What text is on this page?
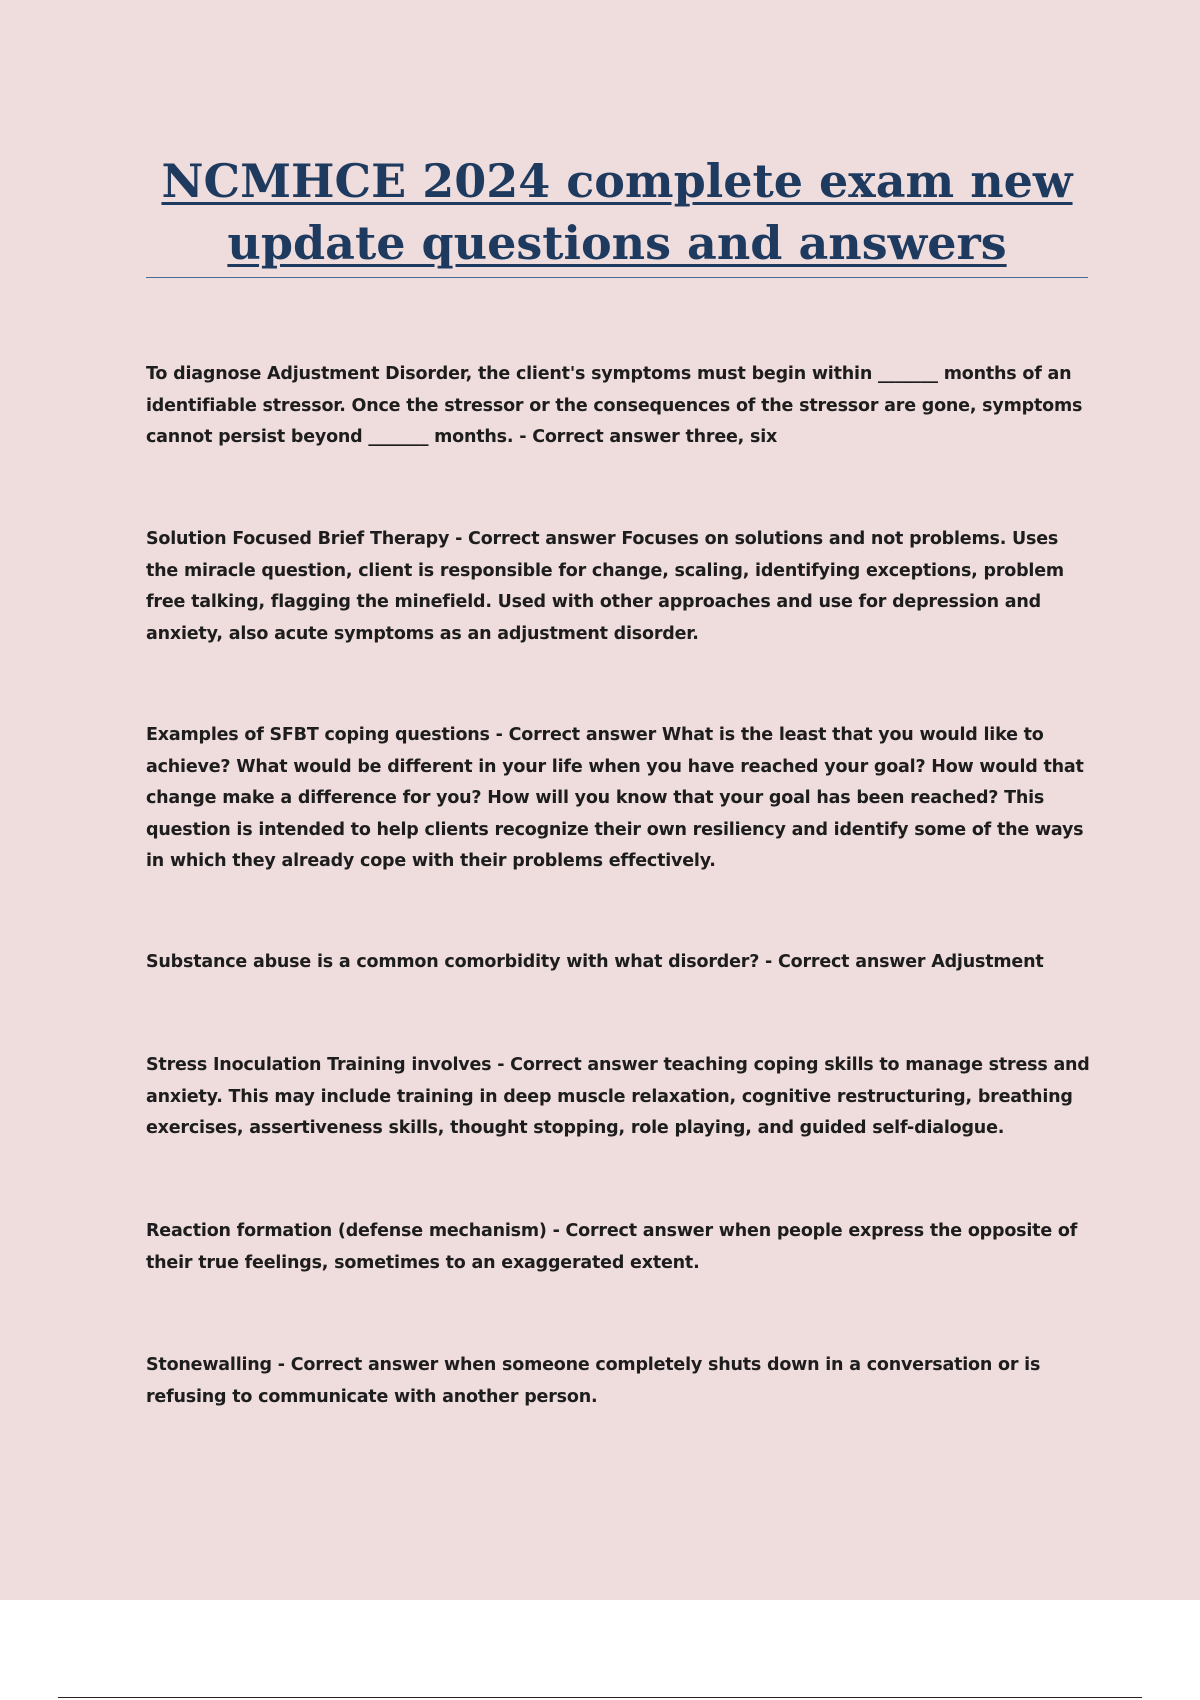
NCMHCE 2024 complete exam new update questions and answers

To diagnose Adjustment Disorder, the client's symptoms must begin within _______ months of an identifiable stressor. Once the stressor or the consequences of the stressor are gone, symptoms cannot persist beyond _______ months. - Correct answer three, six

Solution Focused Brief Therapy - Correct answer Focuses on solutions and not problems. Uses the miracle question, client is responsible for change, scaling, identifying exceptions, problem free talking, flagging the minefield. Used with other approaches and use for depression and anxiety, also acute symptoms as an adjustment disorder.

Examples of SFBT coping questions - Correct answer What is the least that you would like to achieve? What would be different in your life when you have reached your goal? How would that change make a difference for you? How will you know that your goal has been reached? This question is intended to help clients recognize their own resiliency and identify some of the ways in which they already cope with their problems effectively.

Substance abuse is a common comorbidity with what disorder? - Correct answer Adjustment

Stress Inoculation Training involves - Correct answer teaching coping skills to manage stress and anxiety. This may include training in deep muscle relaxation, cognitive restructuring, breathing exercises, assertiveness skills, thought stopping, role playing, and guided self-dialogue.

Reaction formation (defense mechanism) - Correct answer when people express the opposite of their true feelings, sometimes to an exaggerated extent.

Stonewalling - Correct answer when someone completely shuts down in a conversation or is refusing to communicate with another person.
